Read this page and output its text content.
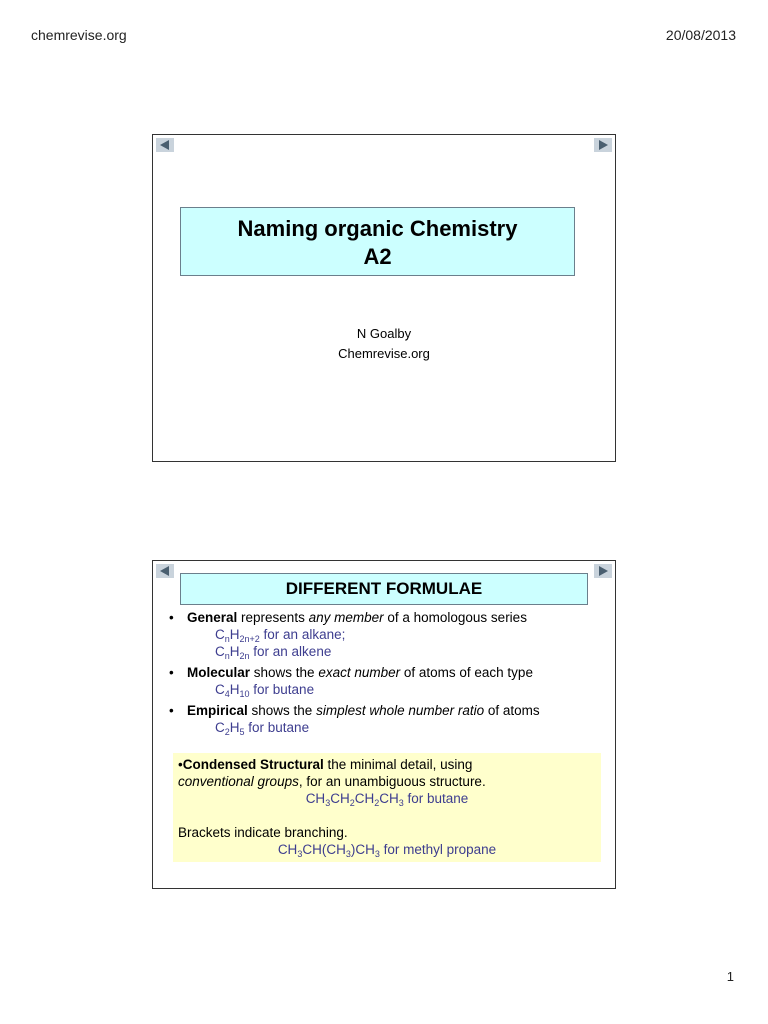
chemrevise.org	20/08/2013
Naming organic Chemistry
A2
N Goalby
Chemrevise.org
DIFFERENT FORMULAE
• General represents any member of a homologous series
$C_nH_{2n+2}$ for an alkane;
$C_nH_{2n}$ for an alkene
• Molecular shows the exact number of atoms of each type
$C_4H_{10}$ for butane
• Empirical shows the simplest whole number ratio of atoms
$C_2H_5$ for butane
•Condensed Structural the minimal detail, using
conventional groups, for an unambiguous structure.
$CH_3CH_2CH_2CH_3$ for butane
Brackets indicate branching.
$CH_3CH(CH_3)CH_3$ for methyl propane
1
